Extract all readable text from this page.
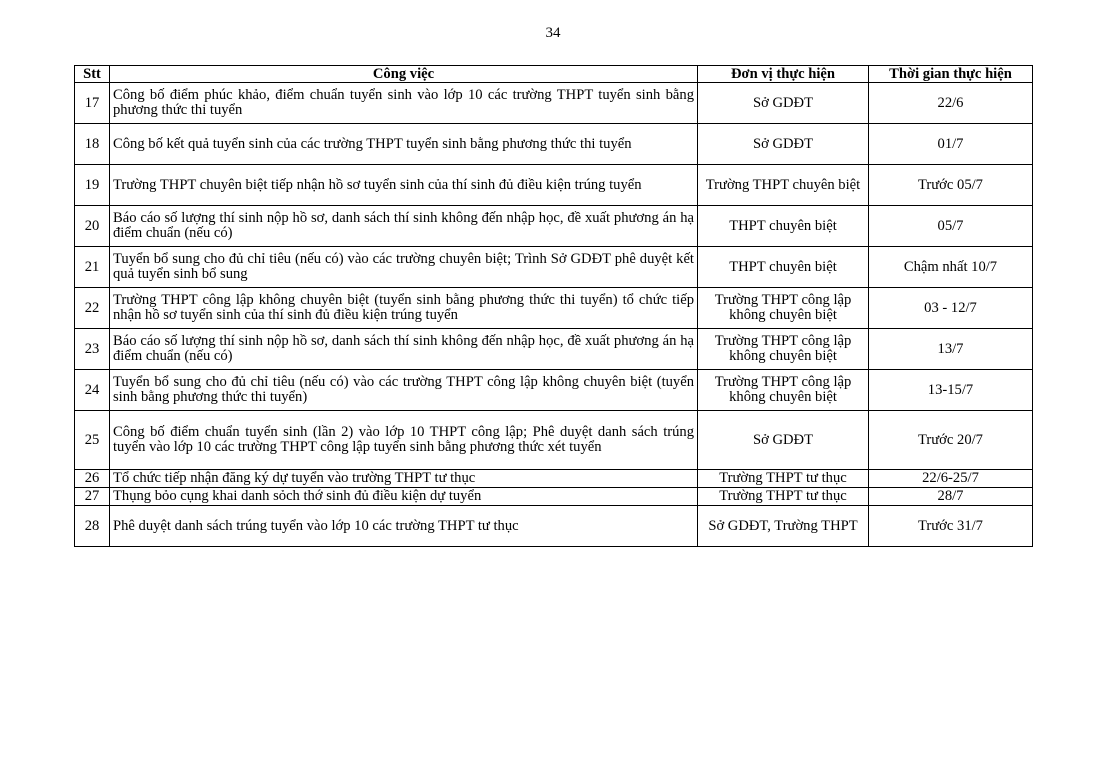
34
Stt	Công việc	Đơn vị thực hiện	Thời gian thực hiện
17	Công bố điểm phúc khảo, điểm chuẩn tuyển sinh vào lớp 10 các trường THPT tuyển sinh bằng phương thức thi tuyển	Sở GDĐT	22/6
18	Công bố kết quả tuyển sinh của các trường THPT tuyển sinh bằng phương thức thi tuyển	Sở GDĐT	01/7
19	Trường THPT chuyên biệt tiếp nhận hồ sơ tuyển sinh của thí sinh đủ điều kiện trúng tuyển	Trường THPT chuyên biệt	Trước 05/7
20	Báo cáo số lượng thí sinh nộp hồ sơ, danh sách thí sinh không đến nhập học, đề xuất phương án hạ điểm chuẩn (nếu có)	THPT chuyên biệt	05/7
21	Tuyển bổ sung cho đủ chỉ tiêu (nếu có) vào các trường chuyên biệt; Trình Sở GDĐT phê duyệt kết quả tuyển sinh bổ sung	THPT chuyên biệt	Chậm nhất 10/7
22	Trường THPT công lập không chuyên biệt (tuyển sinh bằng phương thức thi tuyển) tổ chức tiếp nhận hồ sơ tuyển sinh của thí sinh đủ điều kiện trúng tuyển	Trường THPT công lập không chuyên biệt	03 - 12/7
23	Báo cáo số lượng thí sinh nộp hồ sơ, danh sách thí sinh không đến nhập học, đề xuất phương án hạ điểm chuẩn (nếu có)	Trường THPT công lập không chuyên biệt	13/7
24	Tuyển bổ sung cho đủ chỉ tiêu (nếu có) vào các trường THPT công lập không chuyên biệt (tuyển sinh bằng phương thức thi tuyển)	Trường THPT công lập không chuyên biệt	13-15/7
25	Công bố điểm chuẩn tuyển sinh (lần 2) vào lớp 10 THPT công lập; Phê duyệt danh sách trúng tuyển vào lớp 10 các trường THPT công lập tuyển sinh bằng phương thức xét tuyển	Sở GDĐT	Trước 20/7
26	Tổ chức tiếp nhận đăng ký dự tuyển vào trường THPT tư thục	Trường THPT tư thục	22/6-25/7
27	Thụng bỏo cụng khai danh sỏch thớ sinh đủ điều kiện dự tuyển	Trường THPT tư thục	28/7
28	Phê duyệt danh sách trúng tuyển vào lớp 10 các trường THPT tư thục	Sở GDĐT, Trường THPT	Trước 31/7
